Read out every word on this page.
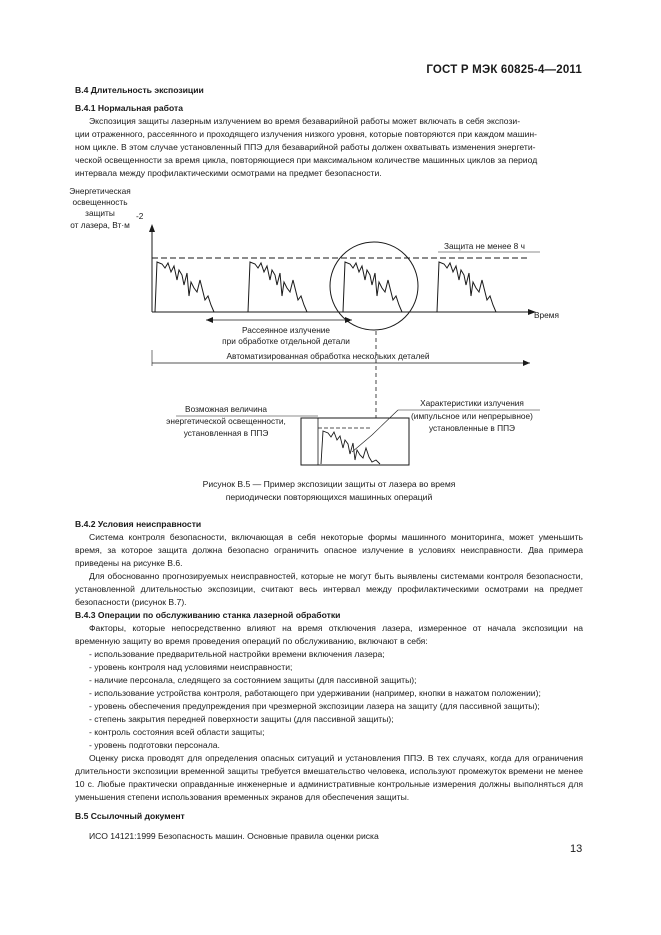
ГОСТ Р МЭК 60825-4—2011

В.4 Длительность экспозиции

В.4.1 Нормальная работа

Экспозиция защиты лазерным излучением во время безаварийной работы может включать в себя экспози-

ции отраженного, рассеянного и проходящего излучения низкого уровня, которые повторяются при каждом машин-

ном цикле. В этом случае установленный ППЭ для безаварийной работы должен охватывать изменения энергети-

ческой освещенности за время цикла, повторяющиеся при максимальном количестве машинных циклов за период

интервала между профилактическими осмотрами на предмет безопасности.

Энергетическая
освещенность
защиты
от лазера, Вт·м
-2
Время
Защита не менее 8 ч
Рассеянное излучение
при обработке отдельной детали
Автоматизированная обработка нескольких деталей
Возможная величина
энергетической освещенности,
установленная в ППЭ
Характеристики излучения
(импульсное или непрерывное)
установленные в ППЭ
Рисунок В.5 — Пример экспозиции защиты от лазера во время
периодически повторяющихся машинных операций

В.4.2 Условия неисправности

Система контроля безопасности, включающая в себя некоторые формы машинного мониторинга, может уменьшить время, за которое защита должна безопасно ограничить опасное излучение в условиях неисправности. Два примера приведены на рисунке В.6.

Для обоснованно прогнозируемых неисправностей, которые не могут быть выявлены системами контроля безопасности, установленной длительностью экспозиции, считают весь интервал между профилактическими осмотрами на предмет безопасности (рисунок В.7).

В.4.3 Операции по обслуживанию станка лазерной обработки

Факторы, которые непосредственно влияют на время отключения лазера, измеренное от начала экспозиции на временную защиту во время проведения операций по обслуживанию, включают в себя:

- использование предварительной настройки времени включения лазера;

- уровень контроля над условиями неисправности;

- наличие персонала, следящего за состоянием защиты (для пассивной защиты);

- использование устройства контроля, работающего при удерживании (например, кнопки в нажатом положении);

- уровень обеспечения предупреждения при чрезмерной экспозиции лазера на защиту (для пассивной защиты);

- степень закрытия передней поверхности защиты (для пассивной защиты);

- контроль состояния всей области защиты;

- уровень подготовки персонала.

Оценку риска проводят для определения опасных ситуаций и установления ППЭ. В тех случаях, когда для ограничения длительности экспозиции временной защиты требуется вмешательство человека, используют промежуток времени не менее 10 с. Любые практически оправданные инженерные и административные контрольные измерения должны выполняться для уменьшения степени использования временных экранов для обеспечения защиты.

В.5 Ссылочный документ

ИСО 14121:1999 Безопасность машин. Основные правила оценки риска

13
